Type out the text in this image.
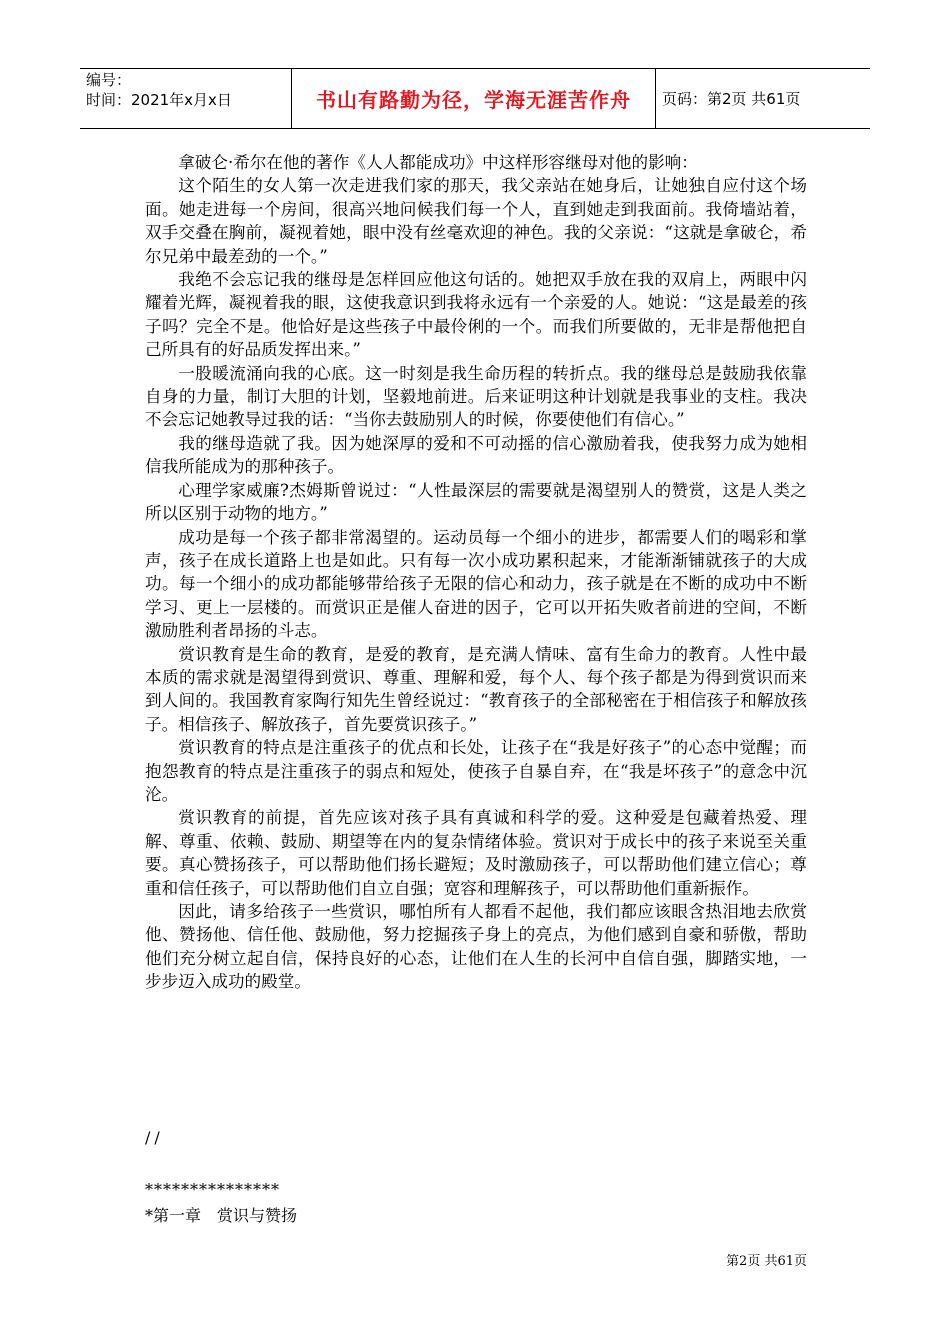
编号：
时间：2021年x月x日	书山有路勤为径，学海无涯苦作舟	页码：第2页 共61页

拿破仑·希尔在他的著作《人人都能成功》中这样形容继母对他的影响：

这个陌生的女人第一次走进我们家的那天，我父亲站在她身后，让她独自应付这个场面。她走进每一个房间，很高兴地问候我们每一个人，直到她走到我面前。我倚墙站着，双手交叠在胸前，凝视着她，眼中没有丝毫欢迎的神色。我的父亲说：“这就是拿破仑，希尔兄弟中最差劲的一个。”

我绝不会忘记我的继母是怎样回应他这句话的。她把双手放在我的双肩上，两眼中闪耀着光辉，凝视着我的眼，这使我意识到我将永远有一个亲爱的人。她说：“这是最差的孩子吗？完全不是。他恰好是这些孩子中最伶俐的一个。而我们所要做的，无非是帮他把自己所具有的好品质发挥出来。”

一股暖流涌向我的心底。这一时刻是我生命历程的转折点。我的继母总是鼓励我依靠自身的力量，制订大胆的计划，坚毅地前进。后来证明这种计划就是我事业的支柱。我决不会忘记她教导过我的话：“当你去鼓励别人的时候，你要使他们有信心。”

我的继母造就了我。因为她深厚的爱和不可动摇的信心激励着我，使我努力成为她相信我所能成为的那种孩子。

心理学家威廉?杰姆斯曾说过：“人性最深层的需要就是渴望别人的赞赏，这是人类之所以区别于动物的地方。”

成功是每一个孩子都非常渴望的。运动员每一个细小的进步，都需要人们的喝彩和掌声，孩子在成长道路上也是如此。只有每一次小成功累积起来，才能渐渐铺就孩子的大成功。每一个细小的成功都能够带给孩子无限的信心和动力，孩子就是在不断的成功中不断学习、更上一层楼的。而赏识正是催人奋进的因子，它可以开拓失败者前进的空间，不断激励胜利者昂扬的斗志。

赏识教育是生命的教育，是爱的教育，是充满人情味、富有生命力的教育。人性中最本质的需求就是渴望得到赏识、尊重、理解和爱，每个人、每个孩子都是为得到赏识而来到人间的。我国教育家陶行知先生曾经说过：“教育孩子的全部秘密在于相信孩子和解放孩子。相信孩子、解放孩子，首先要赏识孩子。”

赏识教育的特点是注重孩子的优点和长处，让孩子在“我是好孩子”的心态中觉醒；而抱怨教育的特点是注重孩子的弱点和短处，使孩子自暴自弃，在“我是坏孩子”的意念中沉沦。

赏识教育的前提，首先应该对孩子具有真诚和科学的爱。这种爱是包藏着热爱、理解、尊重、依赖、鼓励、期望等在内的复杂情绪体验。赏识对于成长中的孩子来说至关重要。真心赞扬孩子，可以帮助他们扬长避短；及时激励孩子，可以帮助他们建立信心；尊重和信任孩子，可以帮助他们自立自强；宽容和理解孩子，可以帮助他们重新振作。

因此，请多给孩子一些赏识，哪怕所有人都看不起他，我们都应该眼含热泪地去欣赏他、赞扬他、信任他、鼓励他，努力挖掘孩子身上的亮点，为他们感到自豪和骄傲，帮助他们充分树立起自信，保持良好的心态，让他们在人生的长河中自信自强，脚踏实地，一步步迈入成功的殿堂。

//
***************
*第一章　赏识与赞扬
第2页 共61页
